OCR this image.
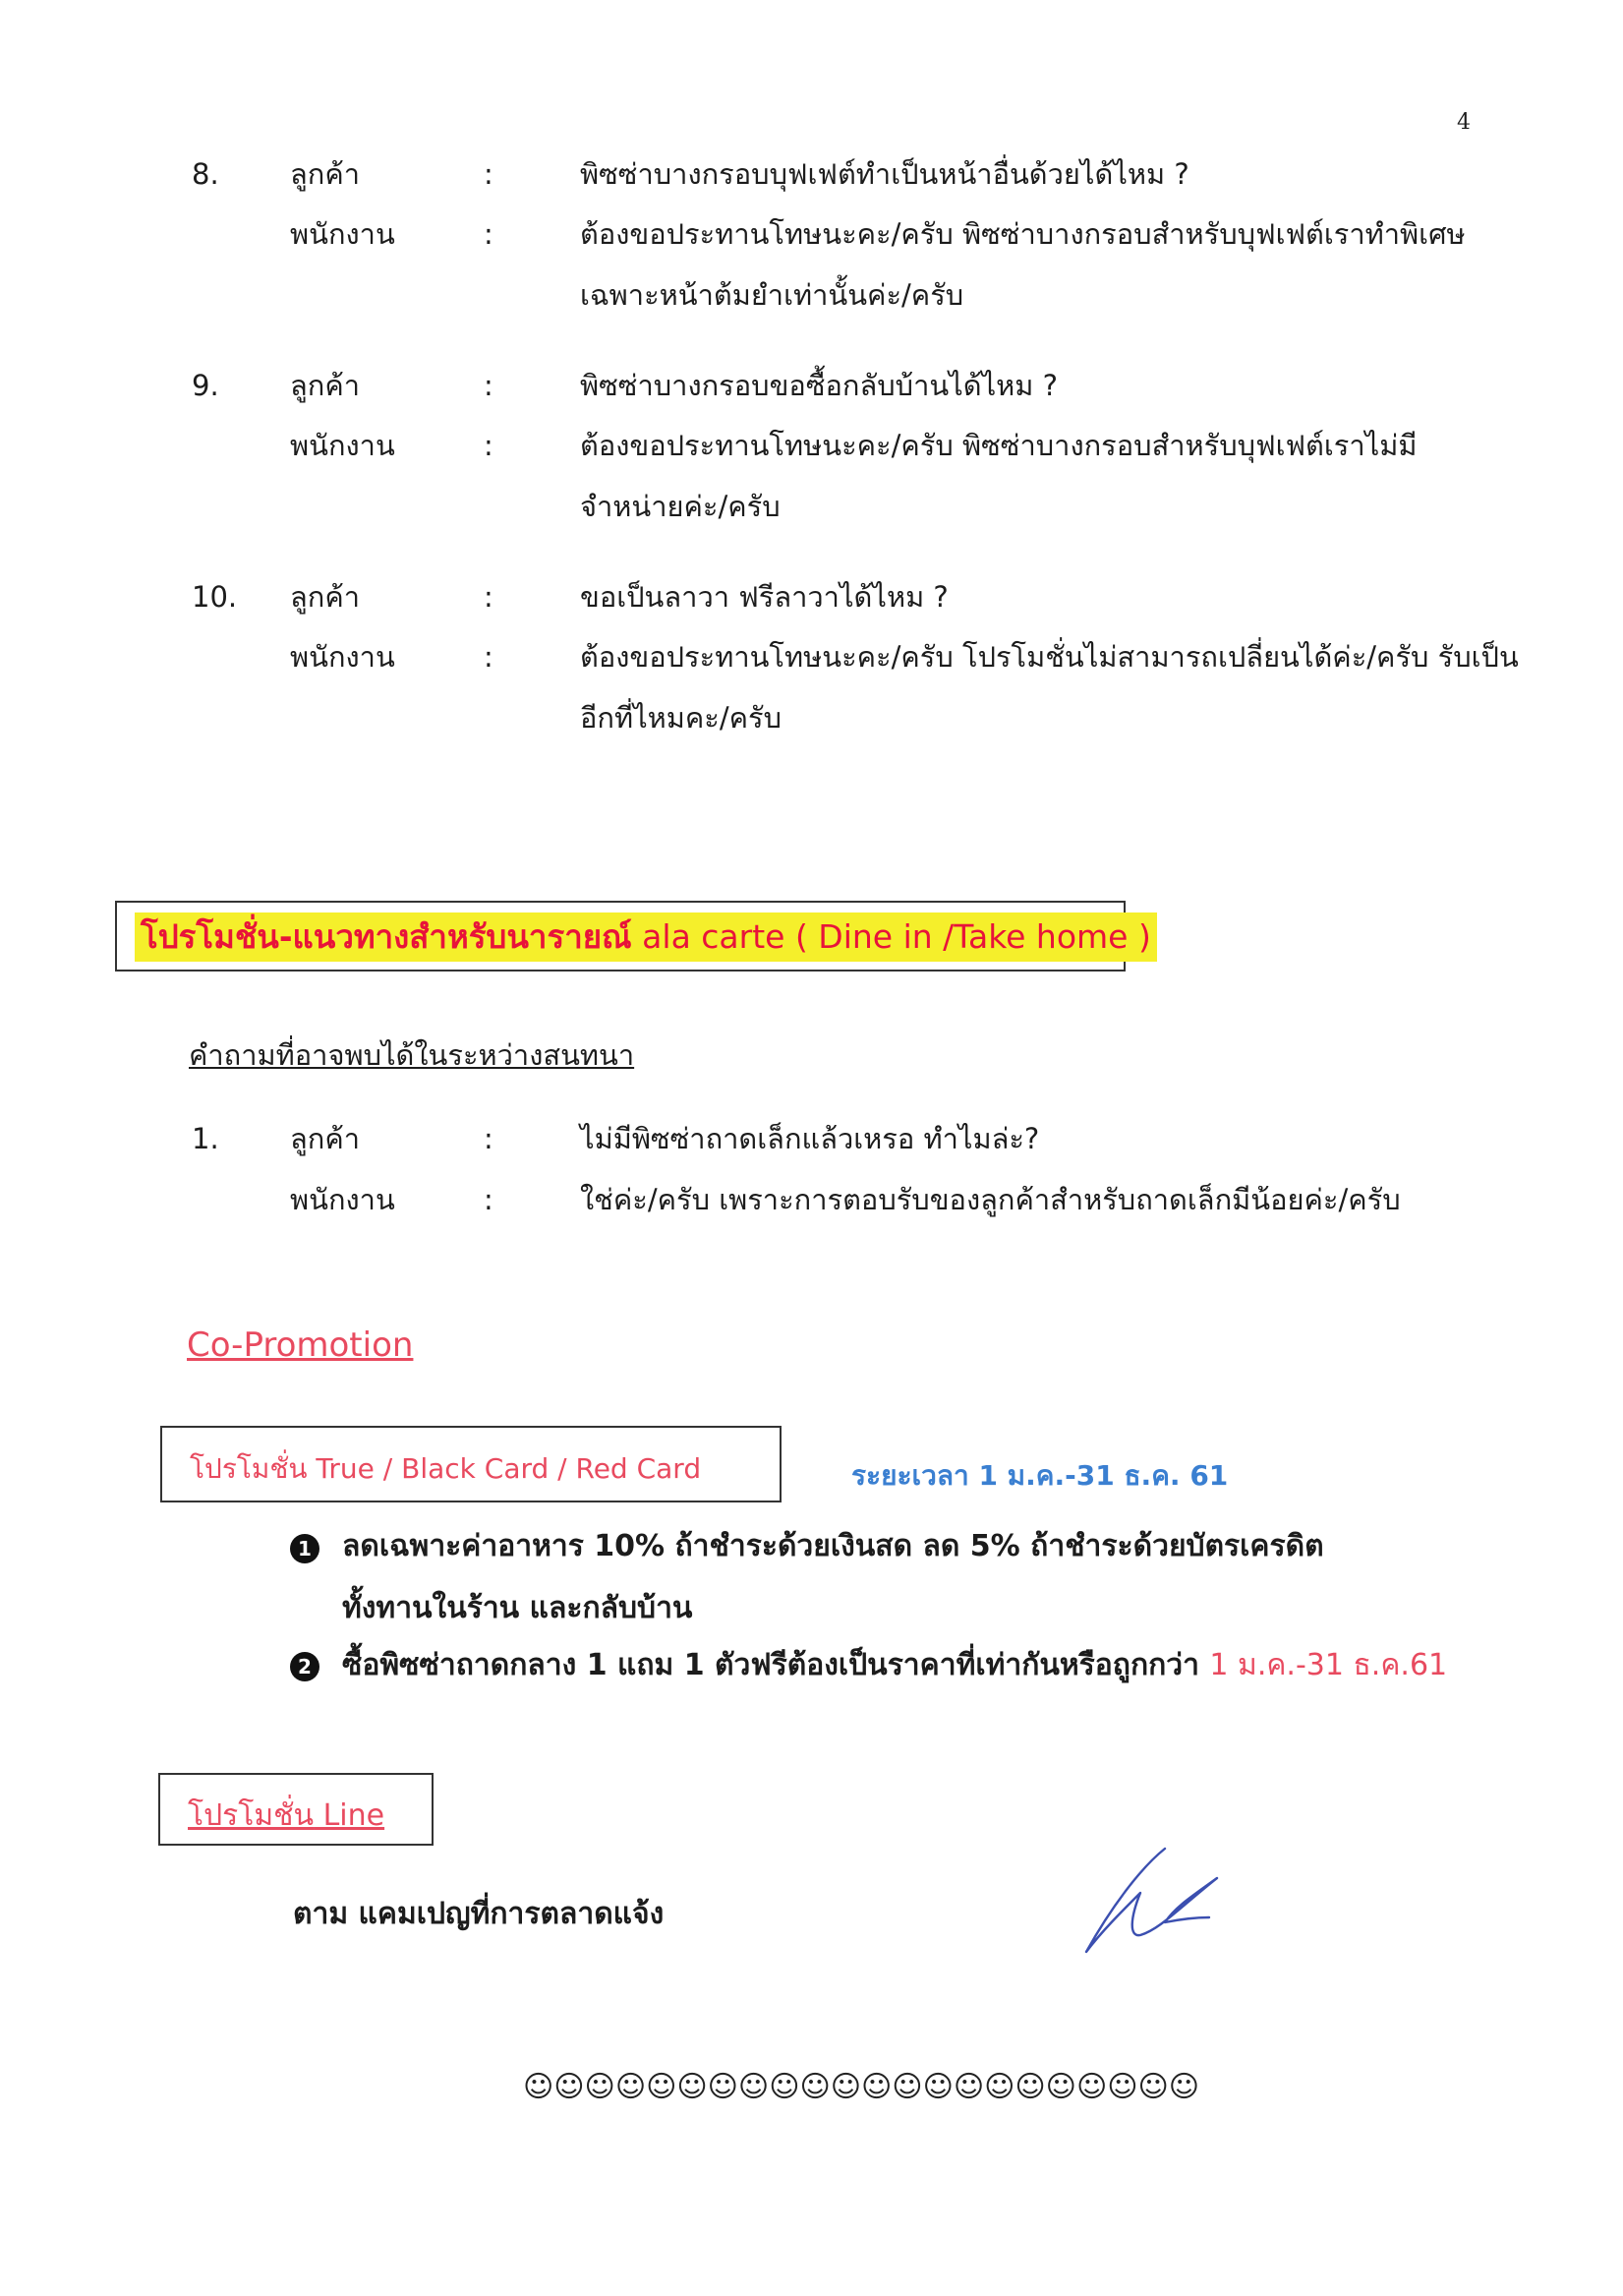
4
8.	ลูกค้า	:	พิซซ่าบางกรอบบุฟเฟต์ทำเป็นหน้าอื่นด้วยได้ไหม ?
พนักงาน	:	ต้องขอประทานโทษนะคะ/ครับ พิซซ่าบางกรอบสำหรับบุฟเฟต์เราทำพิเศษ
เฉพาะหน้าต้มยำเท่านั้นค่ะ/ครับ
9. ลูกค้า	:	พิซซ่าบางกรอบขอซื้อกลับบ้านได้ไหม ?
พนักงาน	:	ต้องขอประทานโทษนะคะ/ครับ พิซซ่าบางกรอบสำหรับบุฟเฟต์เราไม่มี
จำหน่ายค่ะ/ครับ
10. ลูกค้า	:	ขอเป็นลาวา ฟรีลาวาได้ไหม ?
พนักงาน	:	ต้องขอประทานโทษนะคะ/ครับ โปรโมชั่นไม่สามารถเปลี่ยนได้ค่ะ/ครับ รับเป็น
อีกที่ไหมคะ/ครับ
โปรโมชั่น-แนวทางสำหรับนารายณ์ ala carte ( Dine in /Take home )
คำถามที่อาจพบได้ในระหว่างสนทนา
1. ลูกค้า	:	ไม่มีพิซซ่าถาดเล็กแล้วเหรอ ทำไมล่ะ?
พนักงาน	:	ใช่ค่ะ/ครับ เพราะการตอบรับของลูกค้าสำหรับถาดเล็กมีน้อยค่ะ/ครับ
Co-Promotion
โปรโมชั่น True / Black Card / Red Card	ระยะเวลา 1 ม.ค.-31 ธ.ค. 61
1 ลดเฉพาะค่าอาหาร 10% ถ้าชำระด้วยเงินสด ลด 5% ถ้าชำระด้วยบัตรเครดิต
ทั้งทานในร้าน และกลับบ้าน
2 ซื้อพิซซ่าถาดกลาง 1 แถม 1 ตัวฟรีต้องเป็นราคาที่เท่ากันหรือถูกกว่า 1 ม.ค.-31 ธ.ค.61
โปรโมชั่น Line
ตาม แคมเปญที่การตลาดแจ้ง
☺☺☺☺☺☺☺☺☺☺☺☺☺☺☺☺☺☺☺☺☺☺
